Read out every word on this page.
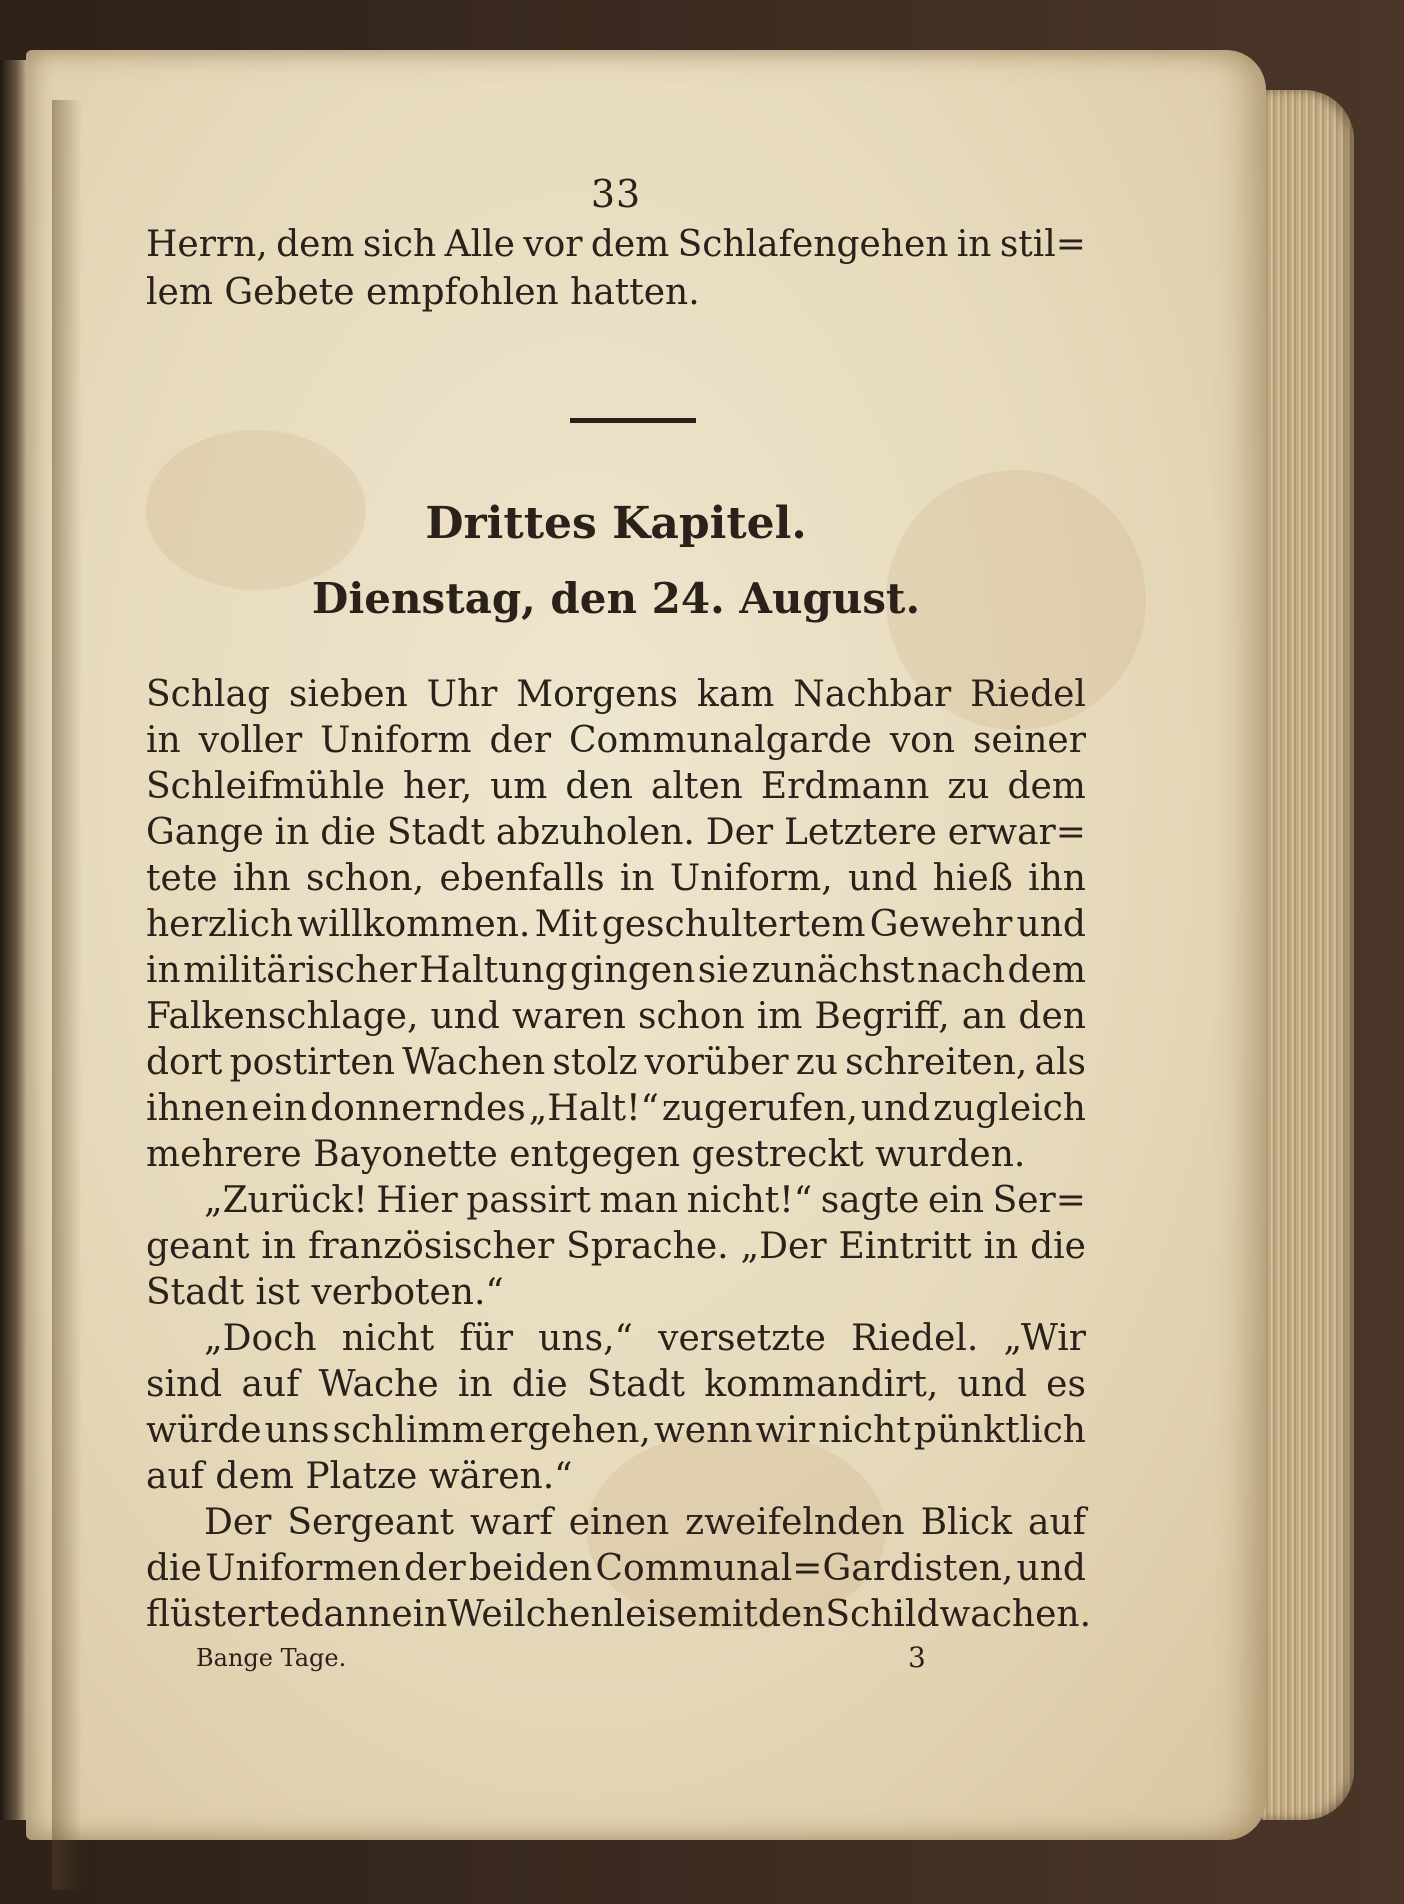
33
Herrn, dem sich Alle vor dem Schlafengehen in stil=
lem Gebete empfohlen hatten.
Drittes Kapitel.
Dienstag, den 24. August.
Schlag sieben Uhr Morgens kam Nachbar Riedel
in voller Uniform der Communalgarde von seiner
Schleifmühle her, um den alten Erdmann zu dem
Gange in die Stadt abzuholen. Der Letztere erwar=
tete ihn schon, ebenfalls in Uniform, und hieß ihn
herzlich willkommen. Mit geschultertem Gewehr und
in militärischer Haltung gingen sie zunächst nach dem
Falkenschlage, und waren schon im Begriff, an den
dort postirten Wachen stolz vorüber zu schreiten, als
ihnen ein donnerndes „Halt!“ zugerufen, und zugleich
mehrere Bayonette entgegen gestreckt wurden.
„Zurück! Hier passirt man nicht!“ sagte ein Ser=
geant in französischer Sprache. „Der Eintritt in die
Stadt ist verboten.“
„Doch nicht für uns,“ versetzte Riedel. „Wir
sind auf Wache in die Stadt kommandirt, und es
würde uns schlimm ergehen, wenn wir nicht pünktlich
auf dem Platze wären.“
Der Sergeant warf einen zweifelnden Blick auf
die Uniformen der beiden Communal=Gardisten, und
flüsterte dann ein Weilchen leise mit den Schildwachen.
Bange Tage.	3
